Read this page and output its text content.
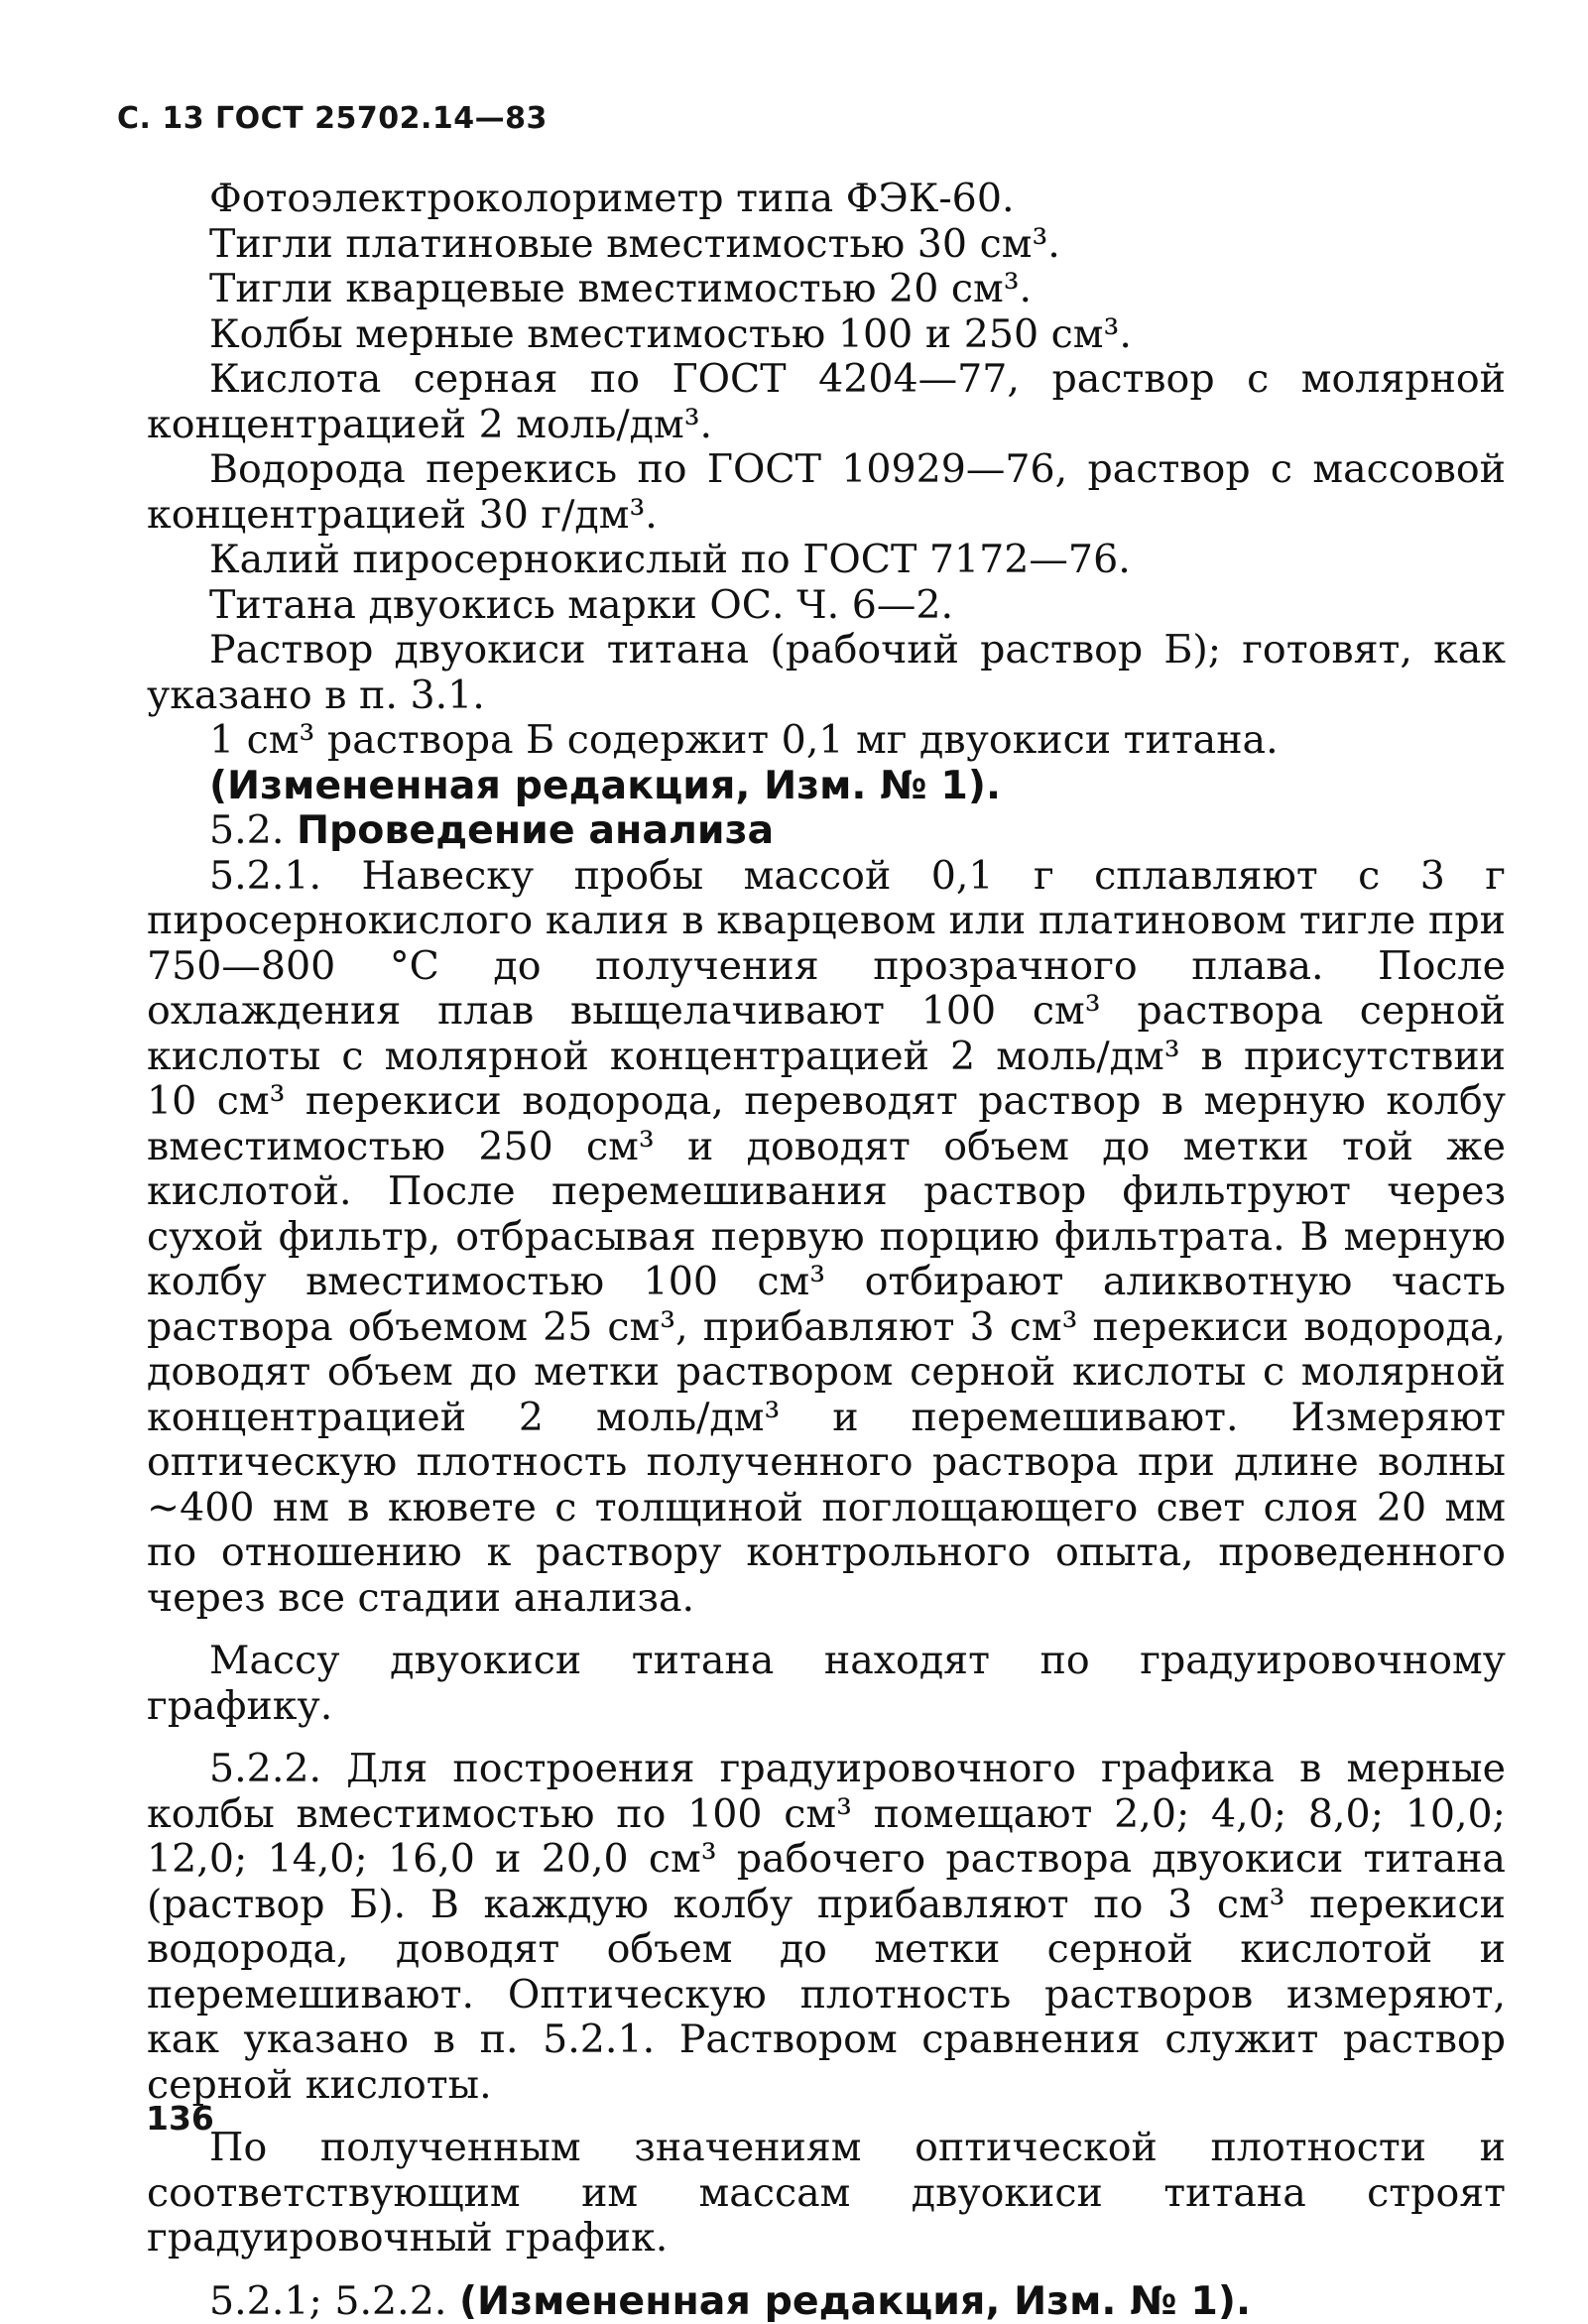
С. 13 ГОСТ 25702.14—83

Фотоэлектроколориметр типа ФЭК-60.

Тигли платиновые вместимостью 30 см³.

Тигли кварцевые вместимостью 20 см³.

Колбы мерные вместимостью 100 и 250 см³.

Кислота серная по ГОСТ 4204—77, раствор с молярной концентрацией 2 моль/дм³.

Водорода перекись по ГОСТ 10929—76, раствор с массовой концентрацией 30 г/дм³.

Калий пиросернокислый по ГОСТ 7172—76.

Титана двуокись марки ОС. Ч. 6—2.

Раствор двуокиси титана (рабочий раствор Б); готовят, как указано в п. 3.1.

1 см³ раствора Б содержит 0,1 мг двуокиси титана.

(Измененная редакция, Изм. № 1).

5.2. Проведение анализа

5.2.1. Навеску пробы массой 0,1 г сплавляют с 3 г пиросернокислого калия в кварцевом или платиновом тигле при 750—800 °С до получения прозрачного плава. После охлаждения плав выщелачивают 100 см³ раствора серной кислоты с молярной концентрацией 2 моль/дм³ в присутствии 10 см³ перекиси водорода, переводят раствор в мерную колбу вместимостью 250 см³ и доводят объем до метки той же кислотой. После перемешивания раствор фильтруют через сухой фильтр, отбрасывая первую порцию фильтрата. В мерную колбу вместимостью 100 см³ отбирают аликвотную часть раствора объемом 25 см³, прибавляют 3 см³ перекиси водорода, доводят объем до метки раствором серной кислоты с молярной концентрацией 2 моль/дм³ и перемешивают. Измеряют оптическую плотность полученного раствора при длине волны ~400 нм в кювете с толщиной поглощающего свет слоя 20 мм по отношению к раствору контрольного опыта, проведенного через все стадии анализа.

Массу двуокиси титана находят по градуировочному графику.

5.2.2. Для построения градуировочного графика в мерные колбы вместимостью по 100 см³ помещают 2,0; 4,0; 8,0; 10,0; 12,0; 14,0; 16,0 и 20,0 см³ рабочего раствора двуокиси титана (раствор Б). В каждую колбу прибавляют по 3 см³ перекиси водорода, доводят объем до метки серной кислотой и перемешивают. Оптическую плотность растворов измеряют, как указано в п. 5.2.1. Раствором сравнения служит раствор серной кислоты.

По полученным значениям оптической плотности и соответствующим им массам двуокиси титана строят градуировочный график.

5.2.1; 5.2.2. (Измененная редакция, Изм. № 1).

136
